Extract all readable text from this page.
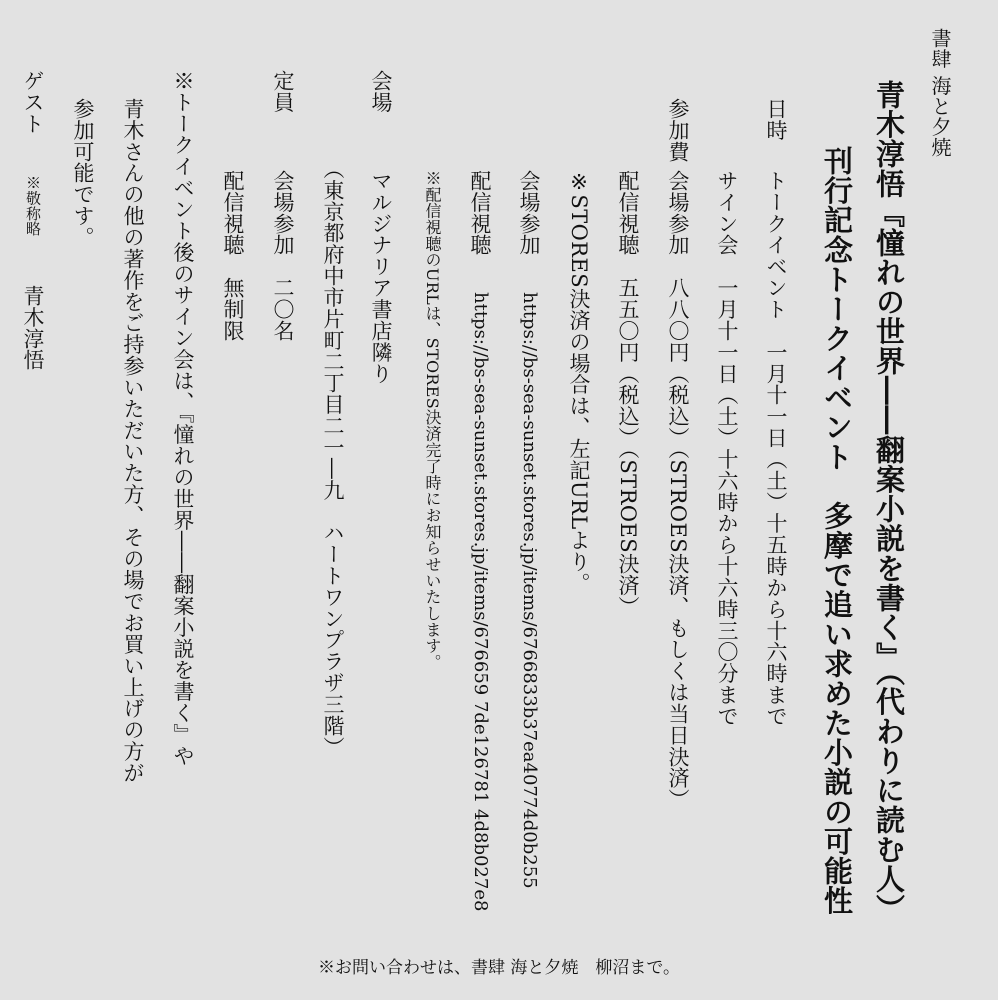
書肆 海と夕焼
青木淳悟『憧れの世界――翻案小説を書く』（代わりに読む人）
刊行記念トークイベント　多摩で追い求めた小説の可能性
日時
トークイベント　一月十一日（土）十五時から十六時まで
サイン会　一月十一日（土）十六時から十六時三〇分まで
参加費
会場参加　八八〇円（税込）（STROES決済、もしくは当日決済）
配信視聴　五五〇円（税込）（STROES決済）
※STORES決済の場合は、左記URLより。
会場参加
https://bs-sea-sunset.stores.jp/items/6766833b37ea40774d0b255
配信視聴
https://bs-sea-sunset.stores.jp/items/676659 7de126781 4d8b027e8
※配信視聴のURLは、STORES決済完了時にお知らせいたします。
会場
マルジナリア書店隣り
（東京都府中市片町二丁目二一―九　ハートワンプラザ三階）
定員
会場参加　二〇名
配信視聴　無制限
※トークイベント後のサイン会は、『憧れの世界――翻案小説を書く』や
青木さんの他の著作をご持参いただいた方、その場でお買い上げの方が
参加可能です。
ゲスト
※敬称略
青木淳悟
※お問い合わせは、書肆 海と夕焼　柳沼まで。
